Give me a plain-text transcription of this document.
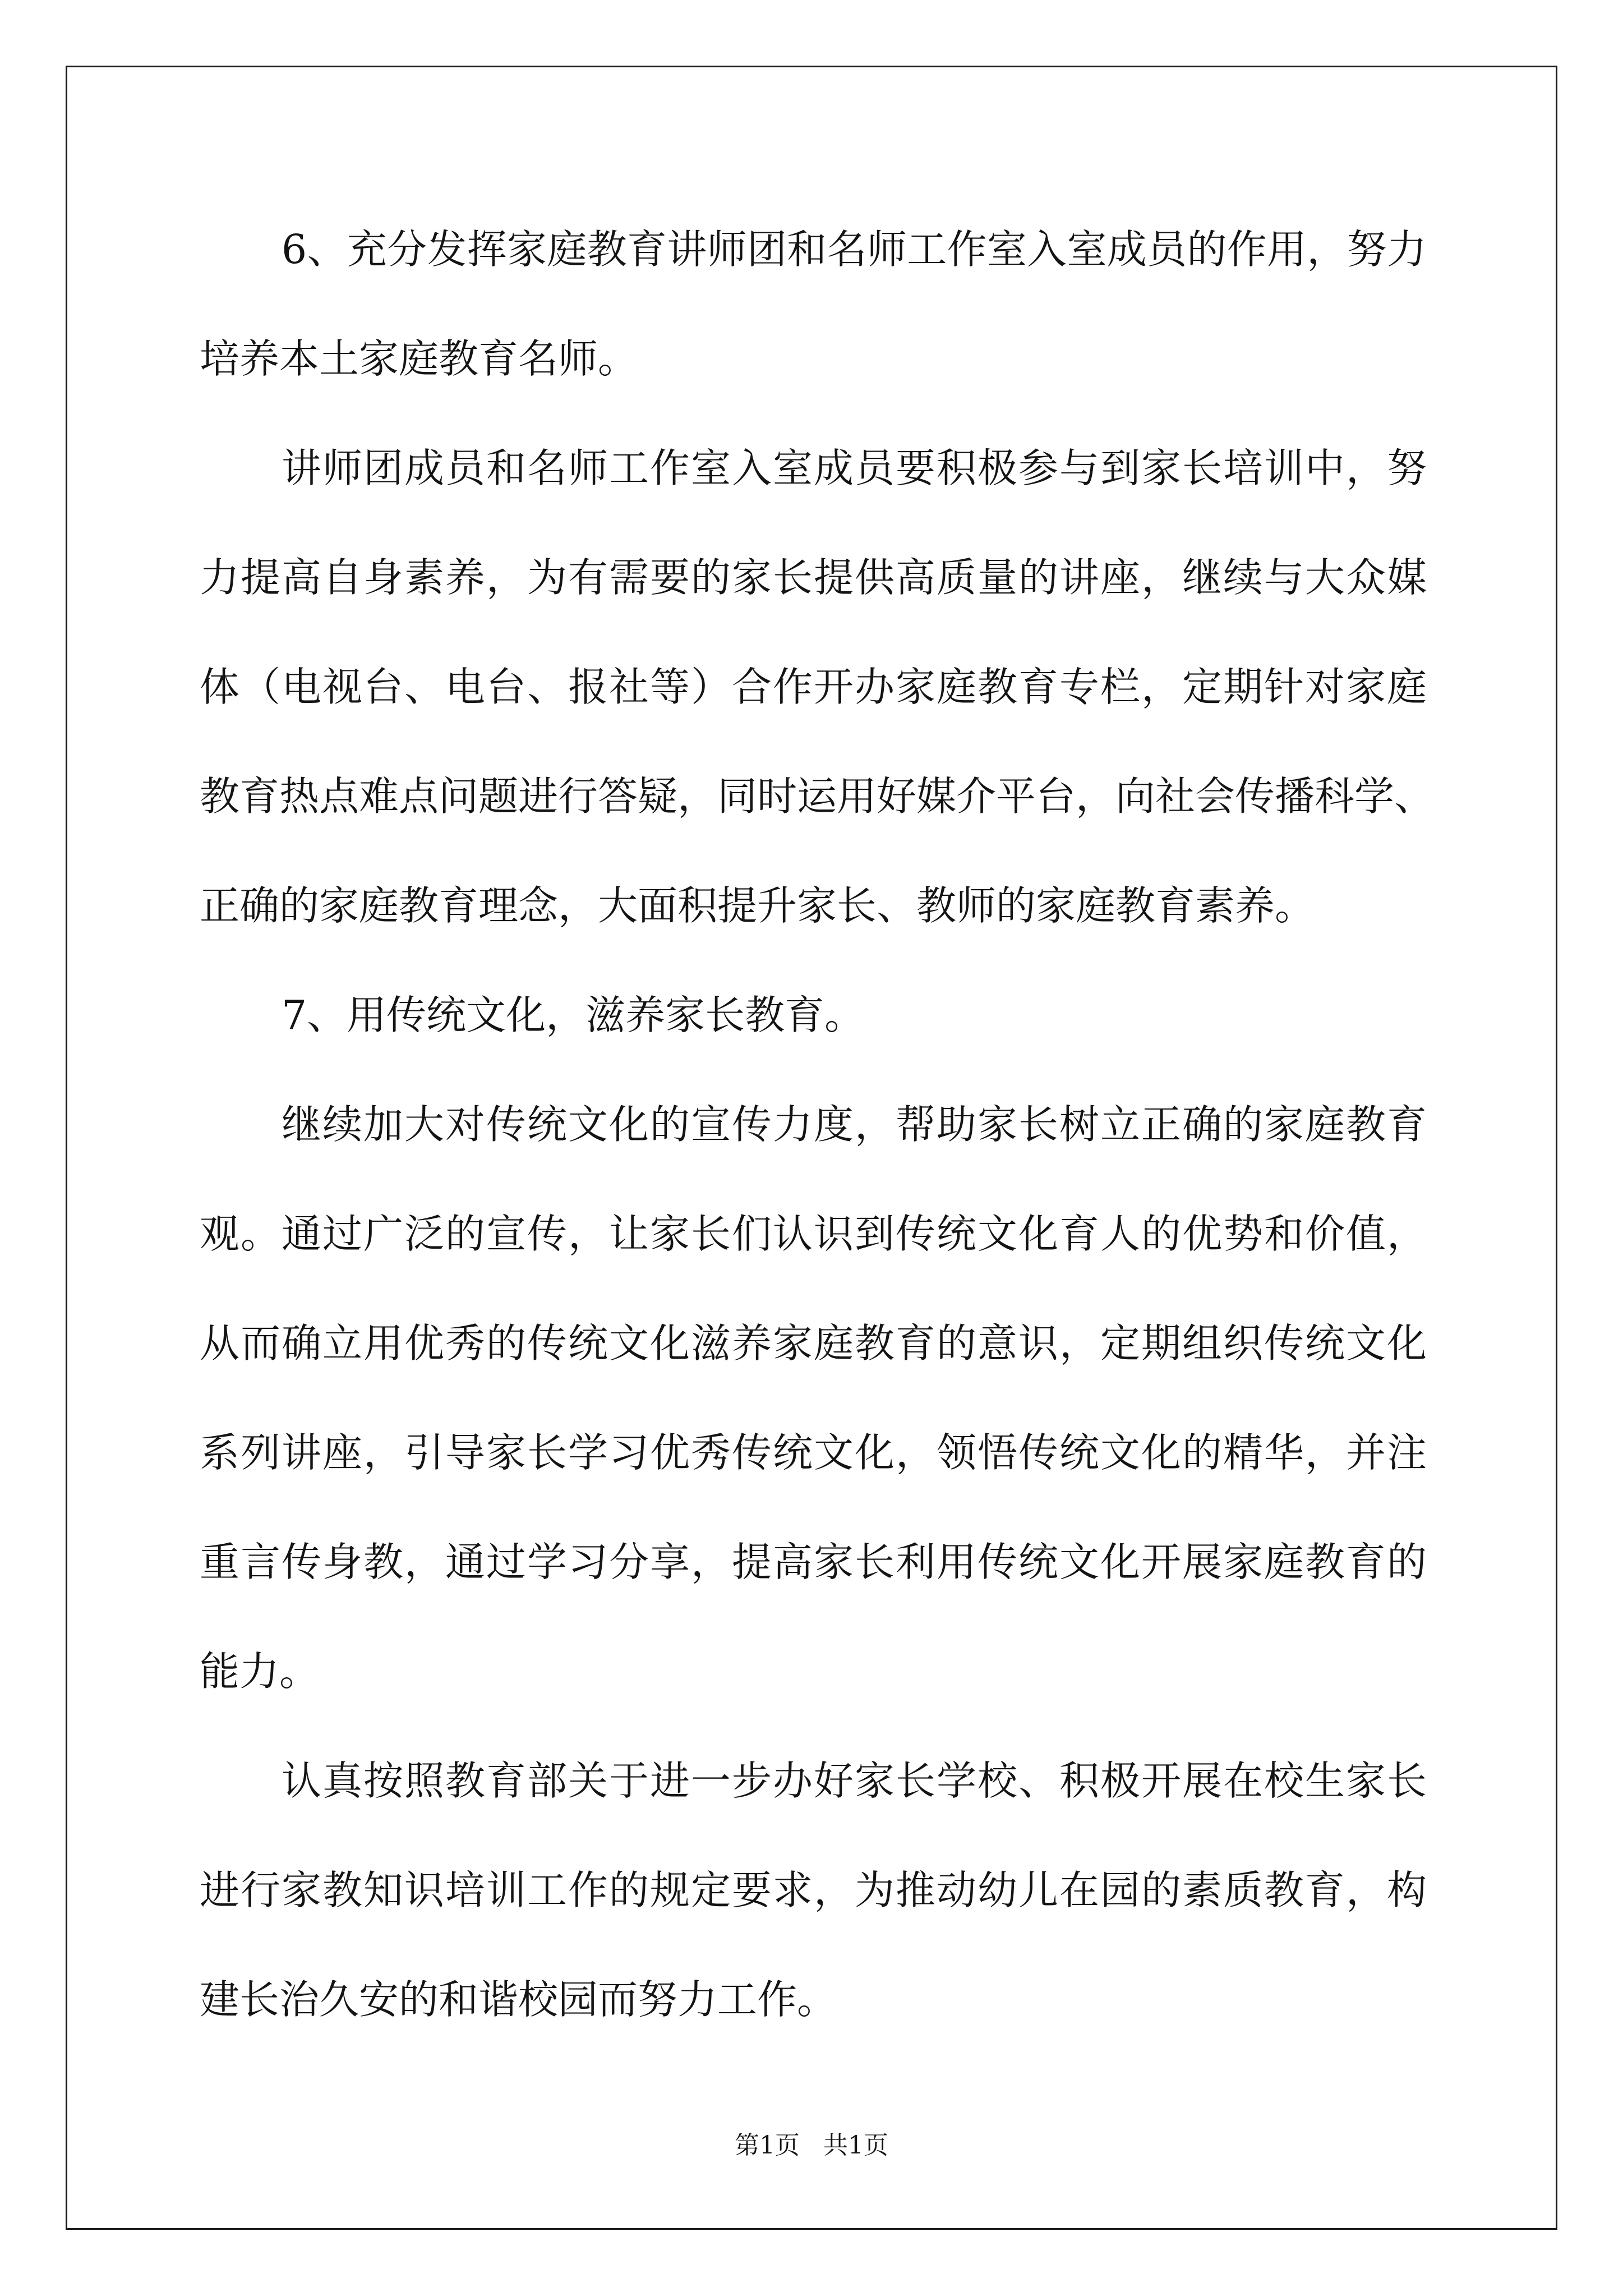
6、充分发挥家庭教育讲师团和名师工作室入室成员的作用，努力

培养本土家庭教育名师。

讲师团成员和名师工作室入室成员要积极参与到家长培训中，努

力提高自身素养，为有需要的家长提供高质量的讲座，继续与大众媒

体（电视台、电台、报社等）合作开办家庭教育专栏，定期针对家庭

教育热点难点问题进行答疑，同时运用好媒介平台，向社会传播科学、

正确的家庭教育理念，大面积提升家长、教师的家庭教育素养。

7、用传统文化，滋养家长教育。

继续加大对传统文化的宣传力度，帮助家长树立正确的家庭教育

观。通过广泛的宣传，让家长们认识到传统文化育人的优势和价值，

从而确立用优秀的传统文化滋养家庭教育的意识，定期组织传统文化

系列讲座，引导家长学习优秀传统文化，领悟传统文化的精华，并注

重言传身教，通过学习分享，提高家长利用传统文化开展家庭教育的

能力。

认真按照教育部关于进一步办好家长学校、积极开展在校生家长

进行家教知识培训工作的规定要求，为推动幼儿在园的素质教育，构

建长治久安的和谐校园而努力工作。

第1页   共1页
